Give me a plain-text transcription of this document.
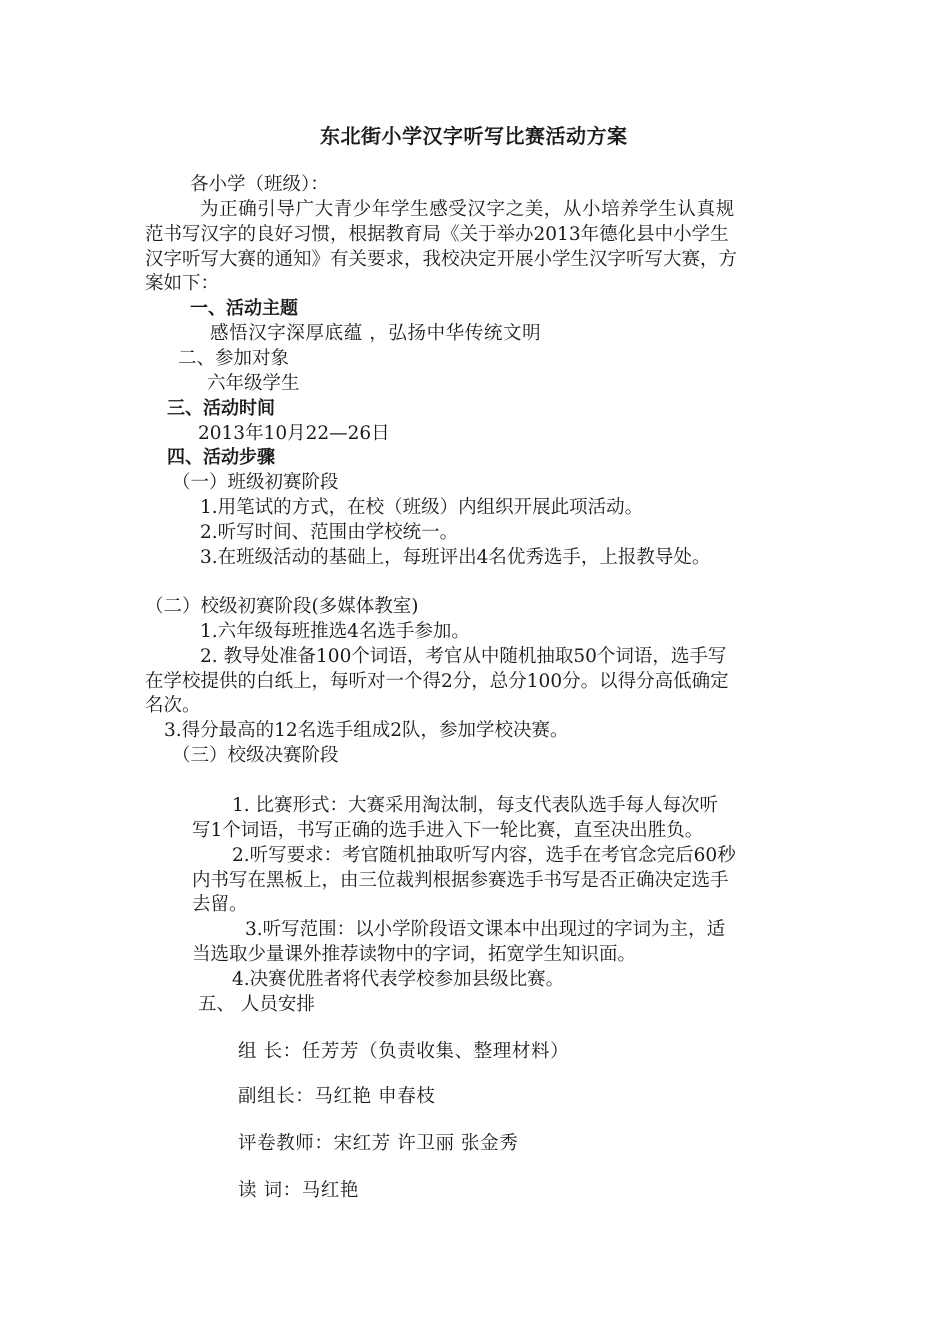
东北街小学汉字听写比赛活动方案
各小学（班级）：
为正确引导广大青少年学生感受汉字之美，从小培养学生认真规
范书写汉字的良好习惯，根据教育局《关于举办2013年德化县中小学生
汉字听写大赛的通知》有关要求，我校决定开展小学生汉字听写大赛，方
案如下：
一、活动主题
感悟汉字深厚底蕴 ，弘扬中华传统文明
二、参加对象
六年级学生
三、活动时间
2013年10月22—26日
四、活动步骤
（一）班级初赛阶段
1.用笔试的方式，在校（班级）内组织开展此项活动。
2.听写时间、范围由学校统一。
3.在班级活动的基础上，每班评出4名优秀选手，上报教导处。
（二）校级初赛阶段(多媒体教室)
1.六年级每班推选4名选手参加。
2. 教导处准备100个词语，考官从中随机抽取50个词语，选手写
在学校提供的白纸上，每听对一个得2分，总分100分。以得分高低确定
名次。
3.得分最高的12名选手组成2队，参加学校决赛。
（三）校级决赛阶段
1. 比赛形式：大赛采用淘汰制，每支代表队选手每人每次听
写1个词语，书写正确的选手进入下一轮比赛，直至决出胜负。
2.听写要求：考官随机抽取听写内容，选手在考官念完后60秒
内书写在黑板上，由三位裁判根据参赛选手书写是否正确决定选手
去留。
3.听写范围：以小学阶段语文课本中出现过的字词为主，适
当选取少量课外推荐读物中的字词，拓宽学生知识面。
4.决赛优胜者将代表学校参加县级比赛。
五、 人员安排
组 长：任芳芳（负责收集、整理材料）
副组长：马红艳 申春枝
评卷教师：宋红芳 许卫丽 张金秀
读 词：马红艳
